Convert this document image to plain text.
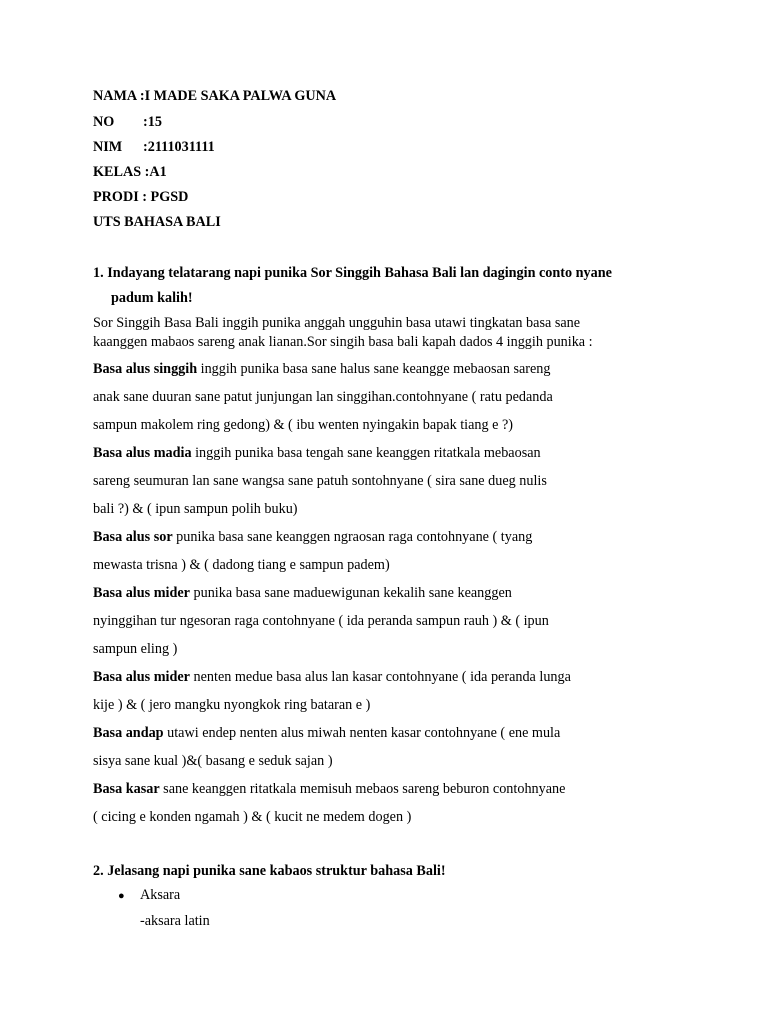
NAMA :I MADE SAKA PALWA GUNA
NO :15
NIM :2111031111
KELAS :A1
PRODI : PGSD
UTS BAHASA BALI
1. Indayang telatarang napi punika Sor Singgih Bahasa Bali lan dagingin conto nyane
padum kalih!
Sor Singgih Basa Bali inggih punika anggah ungguhin basa utawi tingkatan basa sane
kaanggen mabaos sareng anak lianan.Sor singih basa bali kapah dados 4 inggih punika :
Basa alus singgih inggih punika basa sane halus sane keangge mebaosan sareng
anak sane duuran sane patut junjungan lan singgihan.contohnyane ( ratu pedanda
sampun makolem ring gedong) & ( ibu wenten nyingakin bapak tiang e ?)
Basa alus madia inggih punika basa tengah sane keanggen ritatkala mebaosan
sareng seumuran lan sane wangsa sane patuh sontohnyane ( sira sane dueg nulis
bali ?) & ( ipun sampun polih buku)
Basa alus sor punika basa sane keanggen ngraosan raga contohnyane ( tyang
mewasta trisna ) & ( dadong tiang e sampun padem)
Basa alus mider punika basa sane maduewigunan kekalih sane keanggen
nyinggihan tur ngesoran raga contohnyane ( ida peranda sampun rauh ) & ( ipun
sampun eling )
Basa alus mider nenten medue basa alus lan kasar contohnyane ( ida peranda lunga
kije ) & ( jero mangku nyongkok ring bataran e )
Basa andap utawi endep nenten alus miwah nenten kasar contohnyane ( ene mula
sisya sane kual )&( basang e seduk sajan )
Basa kasar sane keanggen ritatkala memisuh mebaos sareng beburon contohnyane
( cicing e konden ngamah ) & ( kucit ne medem dogen )
2. Jelasang napi punika sane kabaos struktur bahasa Bali!
● Aksara
-aksara latin
